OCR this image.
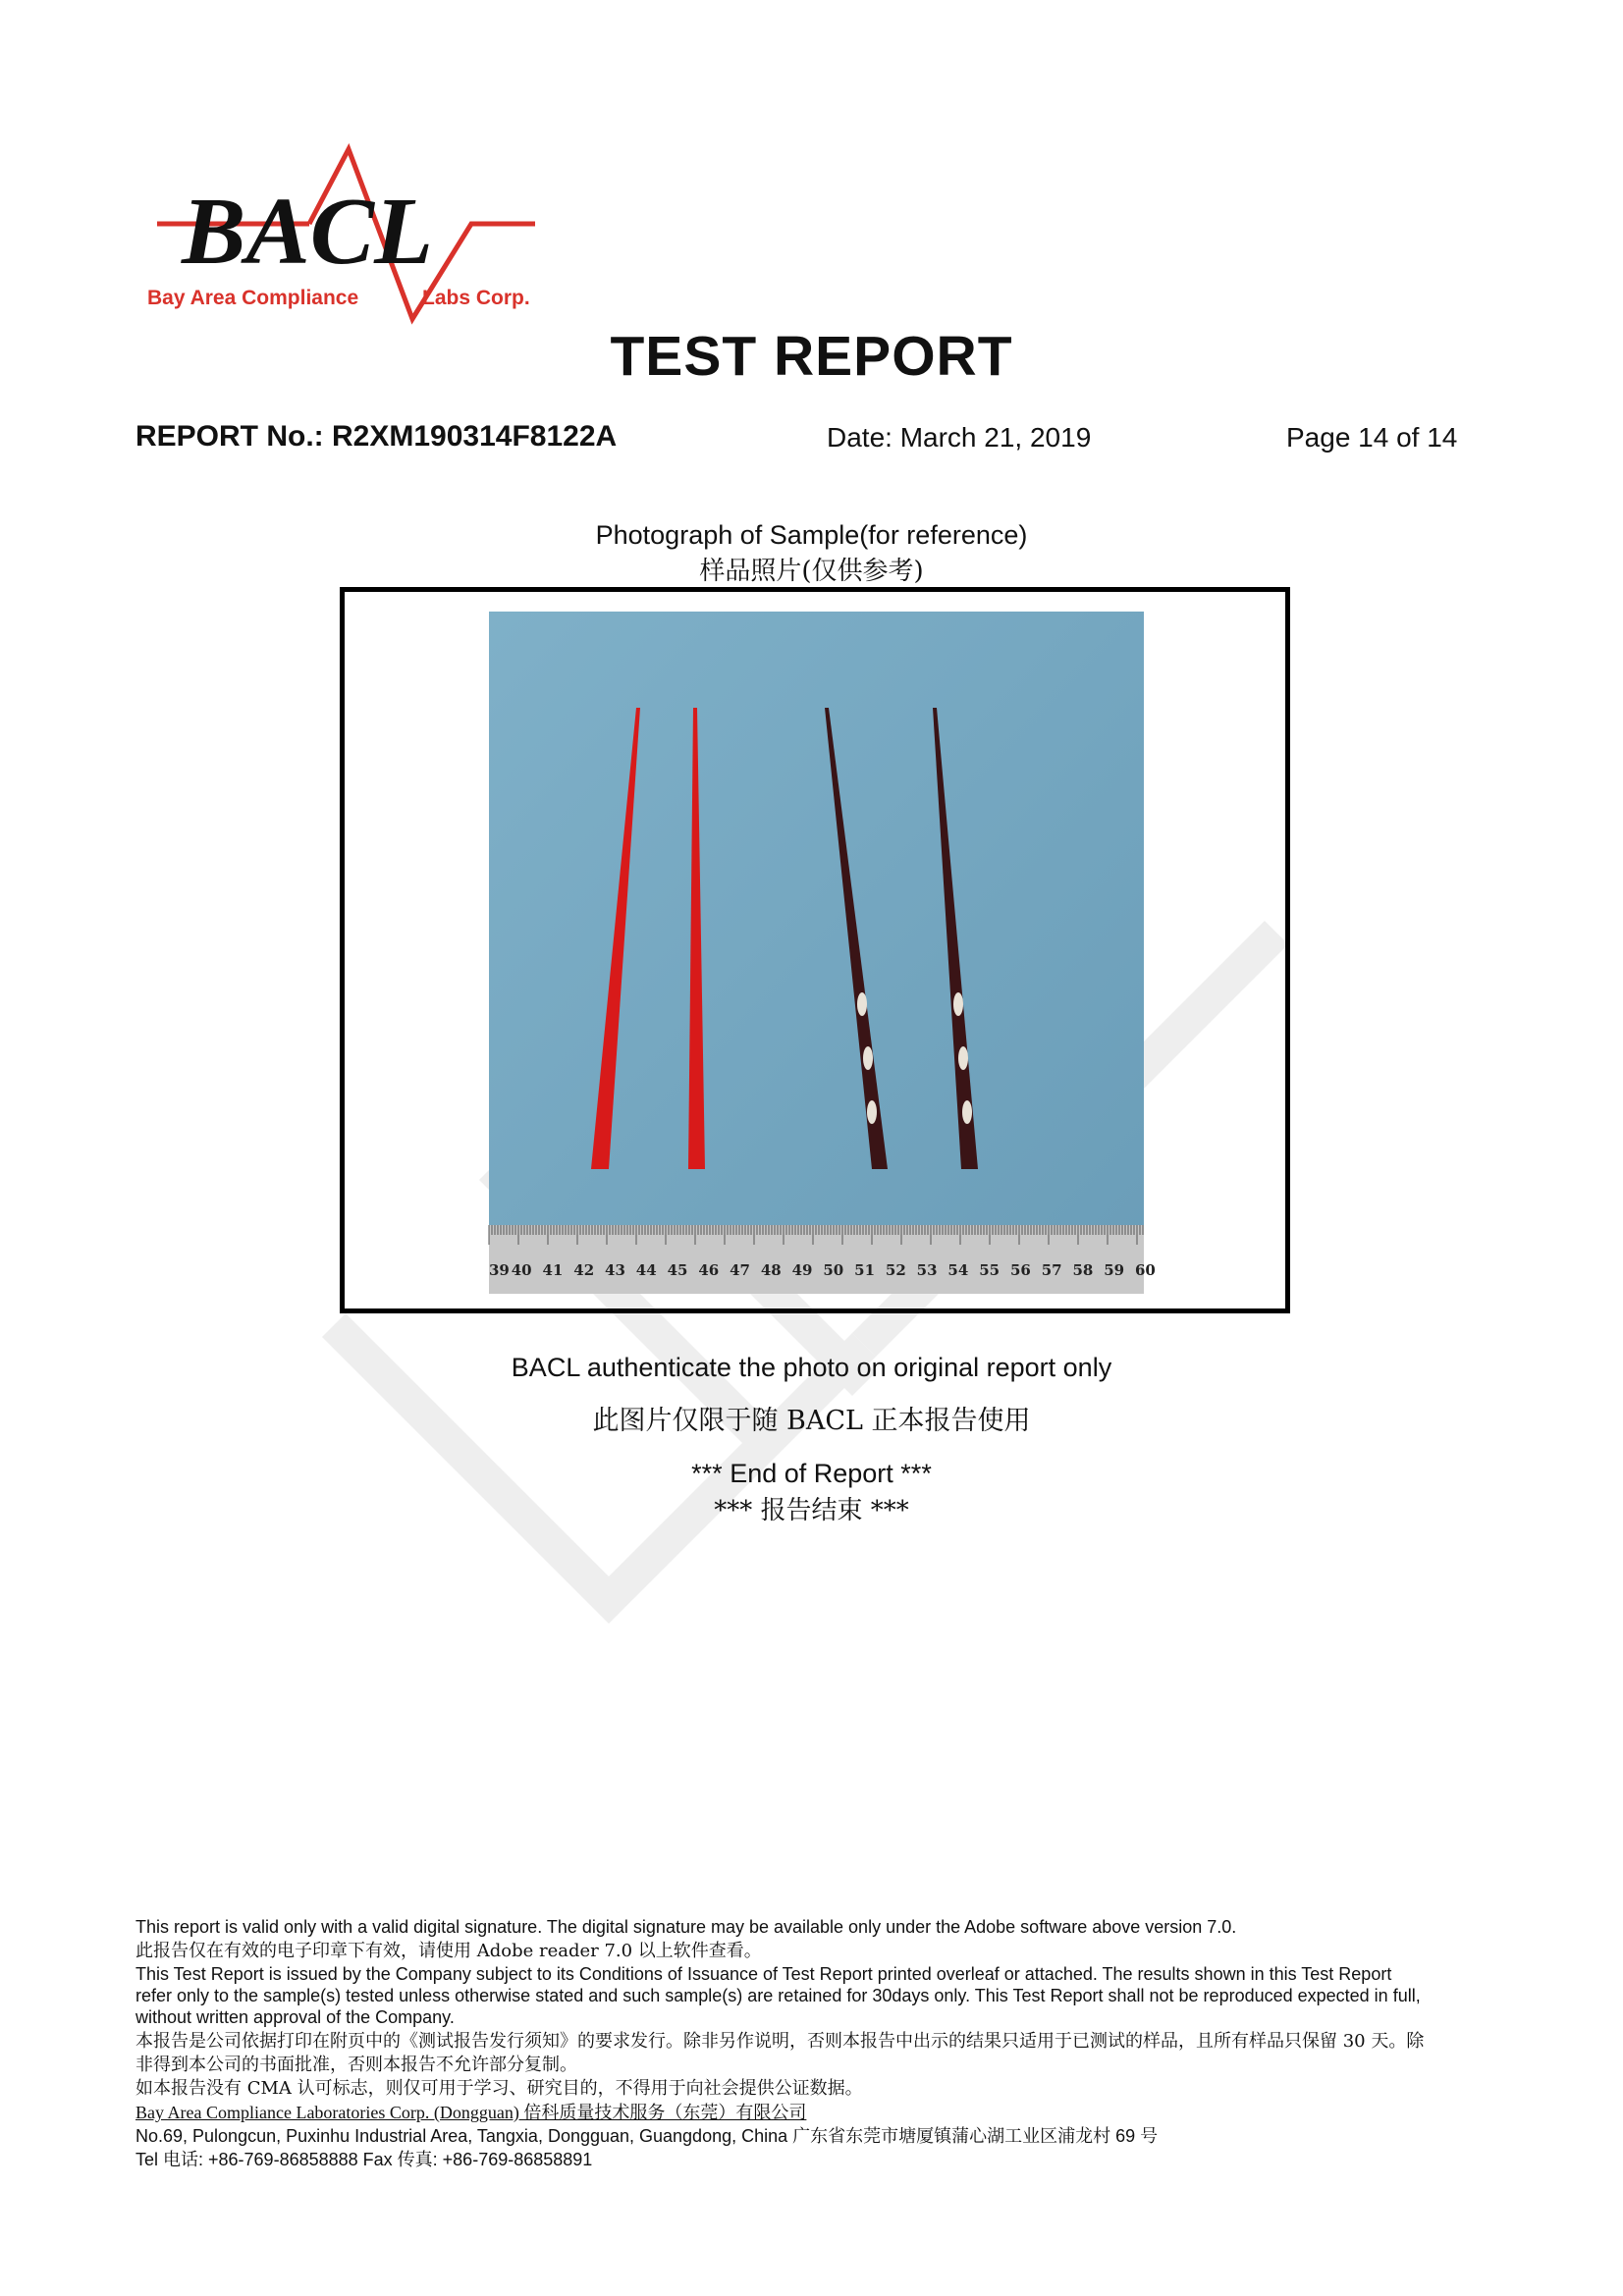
BACL
Bay Area Compliance	Labs Corp.
TEST REPORT
REPORT No.: R2XM190314F8122A	Date: March 21, 2019	Page 14 of 14
Photograph of Sample(for reference)
样品照片(仅供参考)
39 40 41 42 43 44 45 46 47 48 49 50 51 52 53 54 55 56 57 58 59 60
BACL authenticate the photo on original report only
此图片仅限于随 BACL 正本报告使用
*** End of Report ***
*** 报告结束 ***
This report is valid only with a valid digital signature. The digital signature may be available only under the Adobe software above version 7.0.
此报告仅在有效的电子印章下有效，请使用 Adobe reader 7.0 以上软件查看。
This Test Report is issued by the Company subject to its Conditions of Issuance of Test Report printed overleaf or attached. The results shown in this Test Report
refer only to the sample(s) tested unless otherwise stated and such sample(s) are retained for 30days only. This Test Report shall not be reproduced expected in full,
without written approval of the Company.
本报告是公司依据打印在附页中的《测试报告发行须知》的要求发行。除非另作说明，否则本报告中出示的结果只适用于已测试的样品，且所有样品只保留 30 天。除
非得到本公司的书面批准，否则本报告不允许部分复制。
如本报告没有 CMA 认可标志，则仅可用于学习、研究目的，不得用于向社会提供公证数据。
Bay Area Compliance Laboratories Corp. (Dongguan) 倍科质量技术服务（东莞）有限公司
No.69, Pulongcun, Puxinhu Industrial Area, Tangxia, Dongguan, Guangdong, China 广东省东莞市塘厦镇蒲心湖工业区浦龙村 69 号
Tel 电话: +86-769-86858888 Fax 传真: +86-769-86858891
